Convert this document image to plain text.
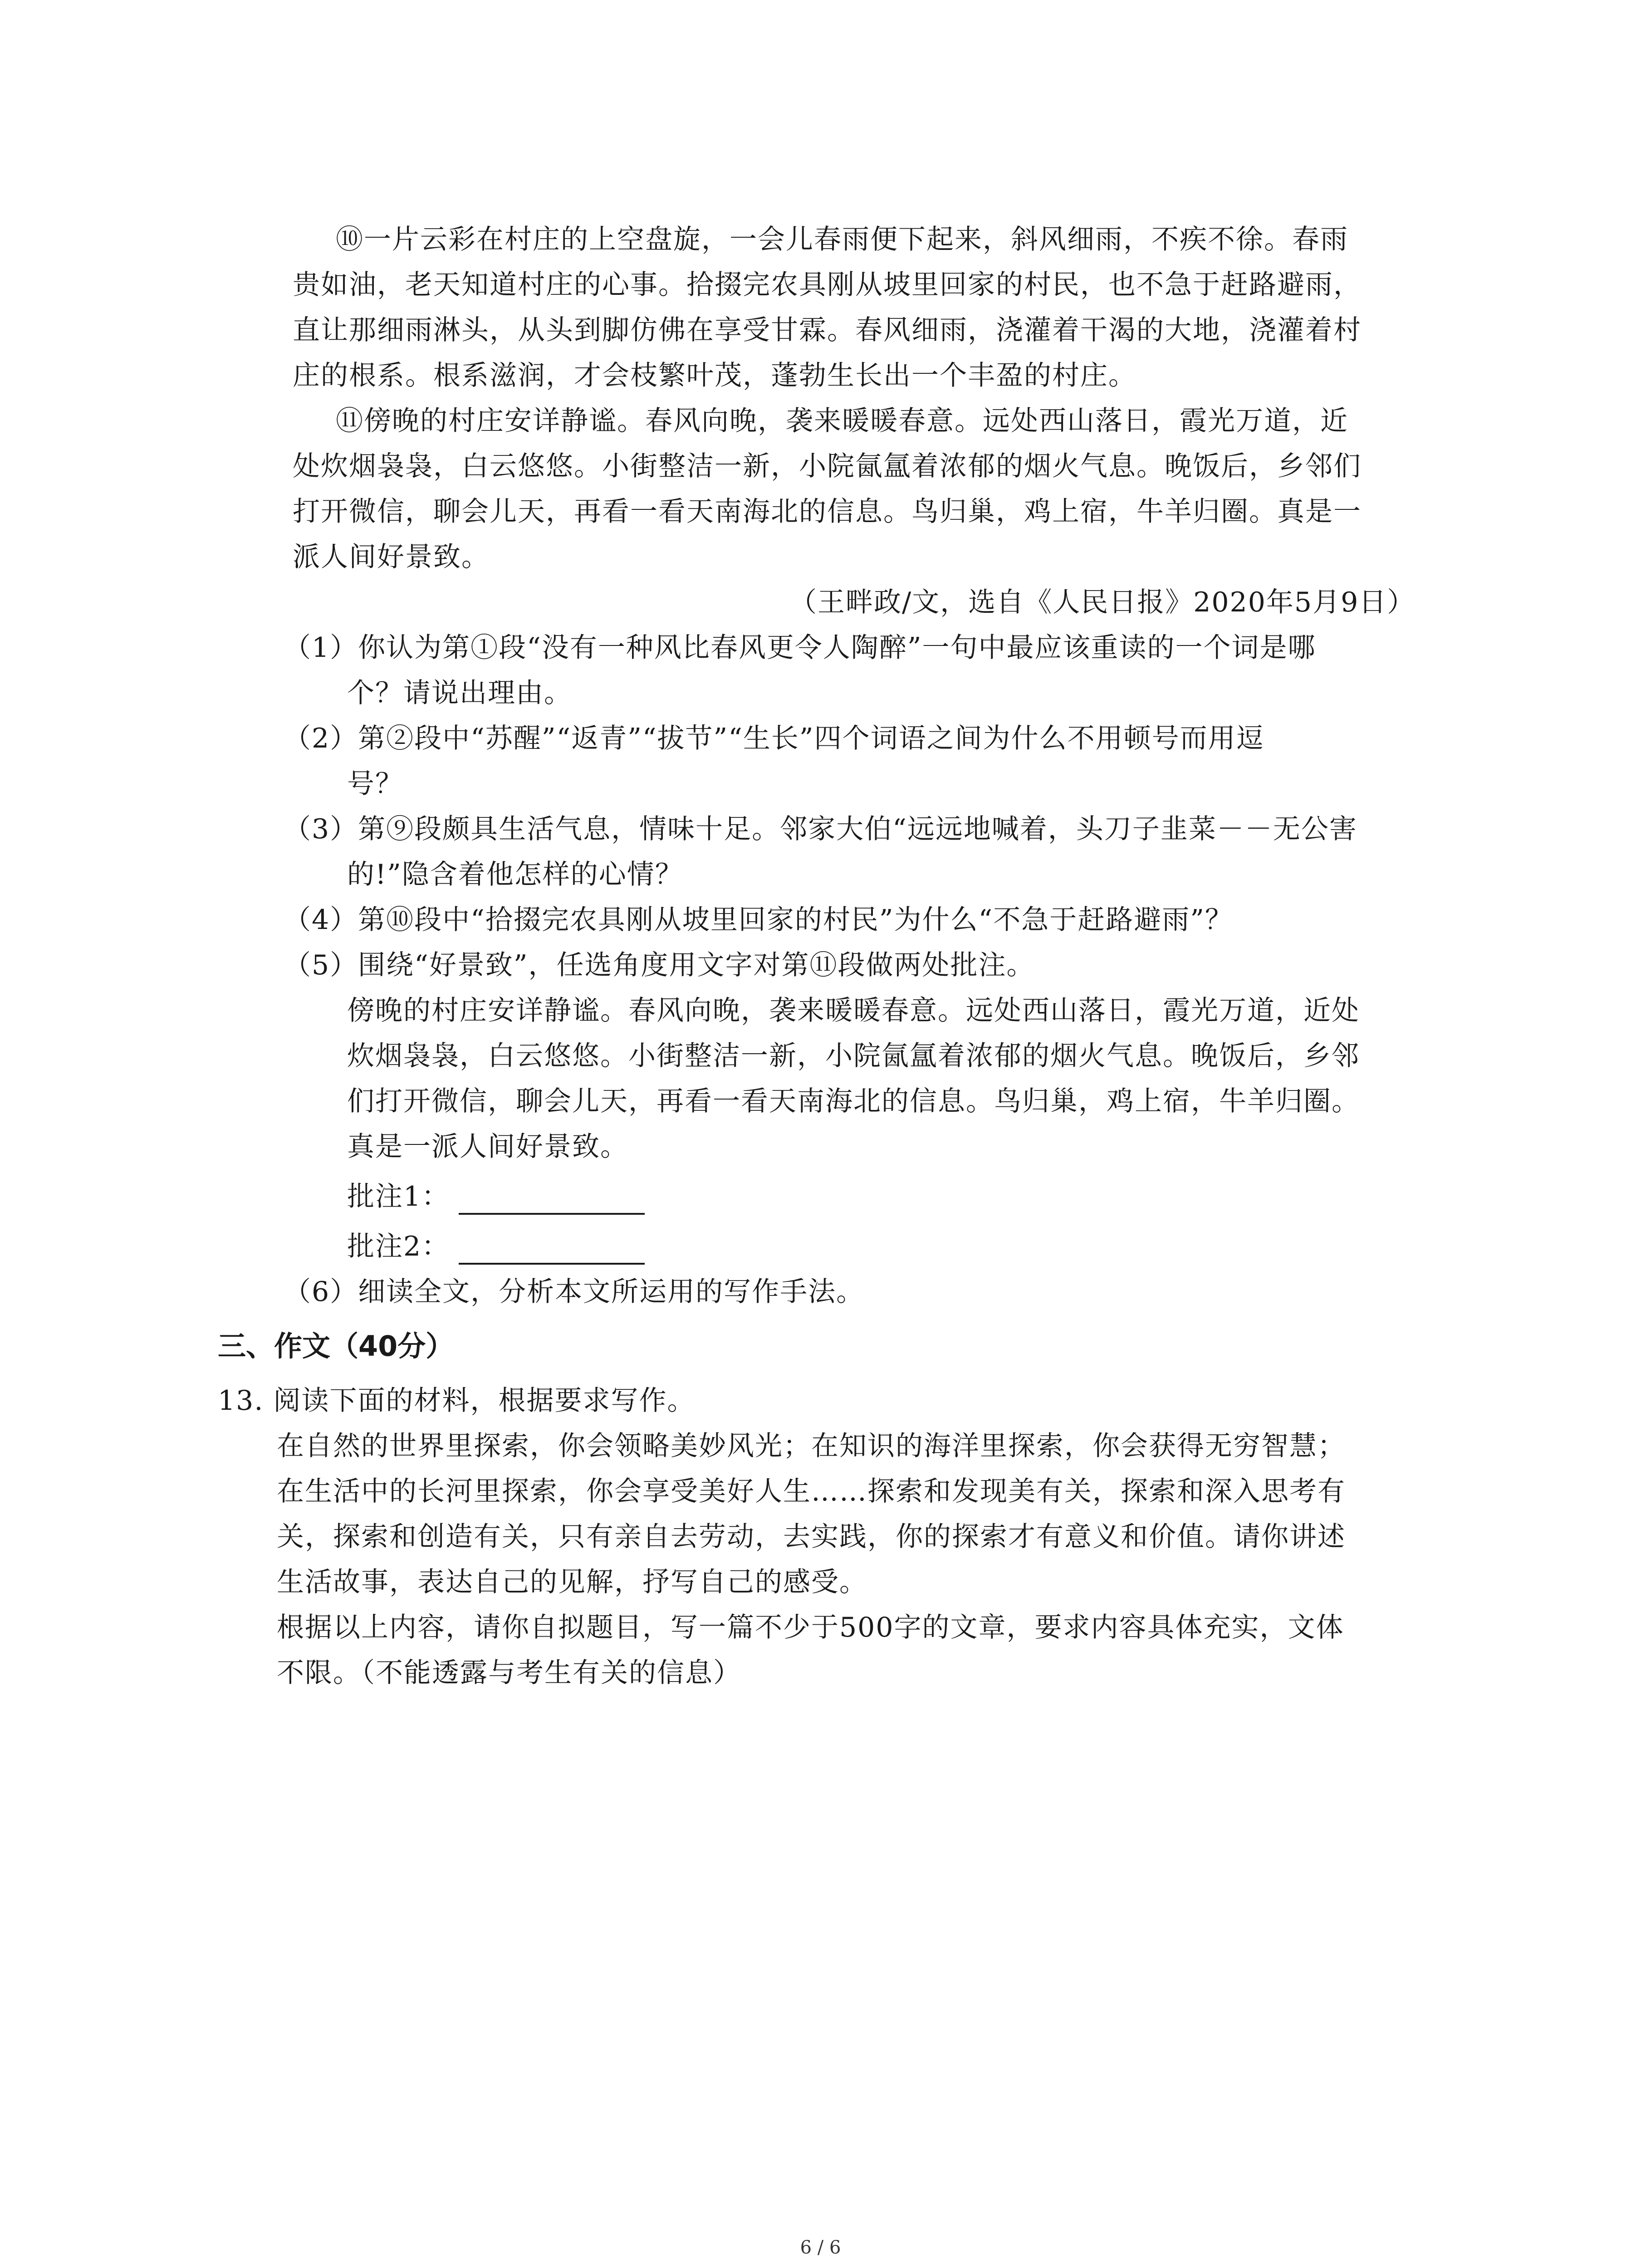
⑩一片云彩在村庄的上空盘旋，一会儿春雨便下起来，斜风细雨，不疾不徐。春雨
贵如油，老天知道村庄的心事。拾掇完农具刚从坡里回家的村民，也不急于赶路避雨，
直让那细雨淋头，从头到脚仿佛在享受甘霖。春风细雨，浇灌着干渴的大地，浇灌着村
庄的根系。根系滋润，才会枝繁叶茂，蓬勃生长出一个丰盈的村庄。
⑪傍晚的村庄安详静谧。春风向晚，袭来暖暖春意。远处西山落日，霞光万道，近
处炊烟袅袅，白云悠悠。小街整洁一新，小院氤氲着浓郁的烟火气息。晚饭后，乡邻们
打开微信，聊会儿天，再看一看天南海北的信息。鸟归巢，鸡上宿，牛羊归圈。真是一
派人间好景致。
（王畔政/文，选自《人民日报》2020年5月9日）
（1）你认为第①段“没有一种风比春风更令人陶醉”一句中最应该重读的一个词是哪
个？请说出理由。
（2）第②段中“苏醒”“返青”“拔节”“生长”四个词语之间为什么不用顿号而用逗
号？
（3）第⑨段颇具生活气息，情味十足。邻家大伯“远远地喊着，头刀子韭菜－－无公害
的!”隐含着他怎样的心情？
（4）第⑩段中“拾掇完农具刚从坡里回家的村民”为什么“不急于赶路避雨”？
（5）围绕“好景致”，任选角度用文字对第⑪段做两处批注。
傍晚的村庄安详静谧。春风向晚，袭来暖暖春意。远处西山落日，霞光万道，近处
炊烟袅袅，白云悠悠。小街整洁一新，小院氤氲着浓郁的烟火气息。晚饭后，乡邻
们打开微信，聊会儿天，再看一看天南海北的信息。鸟归巢，鸡上宿，牛羊归圈。
真是一派人间好景致。
批注1：
批注2：
（6）细读全文，分析本文所运用的写作手法。
三、作文（40分）
13. 阅读下面的材料，根据要求写作。
在自然的世界里探索，你会领略美妙风光；在知识的海洋里探索，你会获得无穷智慧；
在生活中的长河里探索，你会享受美好人生……探索和发现美有关，探索和深入思考有
关，探索和创造有关，只有亲自去劳动，去实践，你的探索才有意义和价值。请你讲述
生活故事，表达自己的见解，抒写自己的感受。
根据以上内容，请你自拟题目，写一篇不少于500字的文章，要求内容具体充实，文体
不限。（不能透露与考生有关的信息）
6 / 6
